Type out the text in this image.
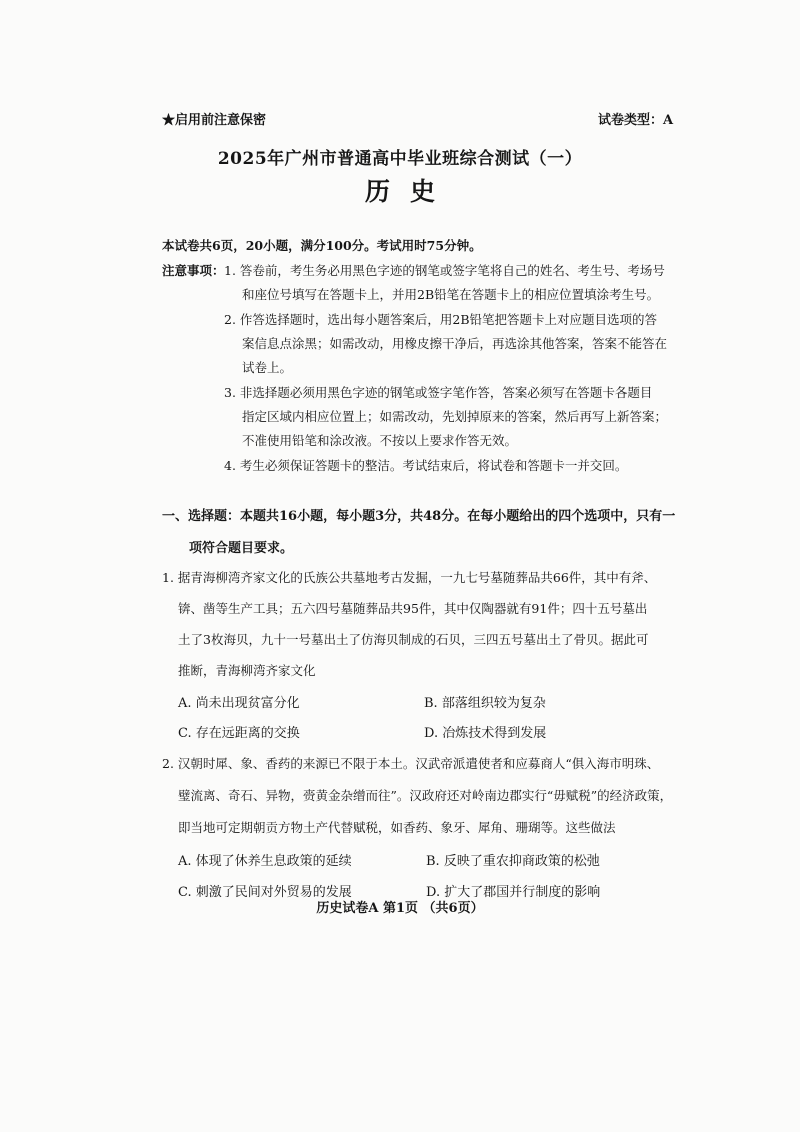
★启用前注意保密	试卷类型：A
2025年广州市普通高中毕业班综合测试（一）
历史
本试卷共6页，20小题，满分100分。考试用时75分钟。
注意事项： 1. 答卷前，考生务必用黑色字迹的钢笔或签字笔将自己的姓名、考生号、考场号
和座位号填写在答题卡上，并用2B铅笔在答题卡上的相应位置填涂考生号。
2. 作答选择题时，选出每小题答案后，用2B铅笔把答题卡上对应题目选项的答
案信息点涂黑；如需改动，用橡皮擦干净后，再选涂其他答案，答案不能答在
试卷上。
3. 非选择题必须用黑色字迹的钢笔或签字笔作答，答案必须写在答题卡各题目
指定区域内相应位置上；如需改动，先划掉原来的答案，然后再写上新答案；
不准使用铅笔和涂改液。不按以上要求作答无效。
4. 考生必须保证答题卡的整洁。考试结束后，将试卷和答题卡一并交回。
一、选择题：本题共16小题，每小题3分，共48分。在每小题给出的四个选项中，只有一
项符合题目要求。
1. 据青海柳湾齐家文化的氏族公共墓地考古发掘，一九七号墓随葬品共66件，其中有斧、
锛、凿等生产工具；五六四号墓随葬品共95件，其中仅陶器就有91件；四十五号墓出
土了3枚海贝，九十一号墓出土了仿海贝制成的石贝，三四五号墓出土了骨贝。据此可
推断，青海柳湾齐家文化
A. 尚未出现贫富分化	B. 部落组织较为复杂
C. 存在远距离的交换	D. 冶炼技术得到发展
2. 汉朝时犀、象、香药的来源已不限于本土。汉武帝派遣使者和应募商人“俱入海市明珠、
璧流离、奇石、异物，赍黄金杂缯而往”。汉政府还对岭南边郡实行“毋赋税”的经济政策，
即当地可定期朝贡方物土产代替赋税，如香药、象牙、犀角、珊瑚等。这些做法
A. 体现了休养生息政策的延续	B. 反映了重农抑商政策的松弛
C. 刺激了民间对外贸易的发展	D. 扩大了郡国并行制度的影响
历史试卷A 第1页 （共6页）
